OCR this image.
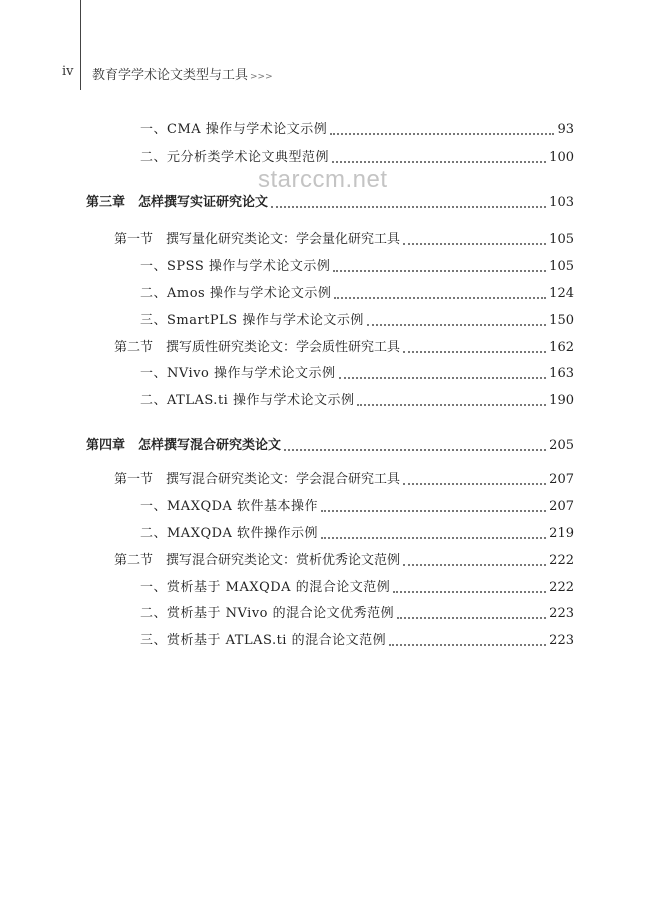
iv 教育学学术论文类型与工具 >>>
starccm.net
一、CMA 操作与学术论文示例	93
二、元分析类学术论文典型范例	100
第三章　怎样撰写实证研究论文	103
第一节　撰写量化研究类论文：学会量化研究工具	105
一、SPSS 操作与学术论文示例	105
二、Amos 操作与学术论文示例	124
三、SmartPLS 操作与学术论文示例	150
第二节　撰写质性研究类论文：学会质性研究工具	162
一、NVivo 操作与学术论文示例	163
二、ATLAS.ti 操作与学术论文示例	190
第四章　怎样撰写混合研究类论文	205
第一节　撰写混合研究类论文：学会混合研究工具	207
一、MAXQDA 软件基本操作	207
二、MAXQDA 软件操作示例	219
第二节　撰写混合研究类论文：赏析优秀论文范例	222
一、赏析基于 MAXQDA 的混合论文范例	222
二、赏析基于 NVivo 的混合论文优秀范例	223
三、赏析基于 ATLAS.ti 的混合论文范例	223
